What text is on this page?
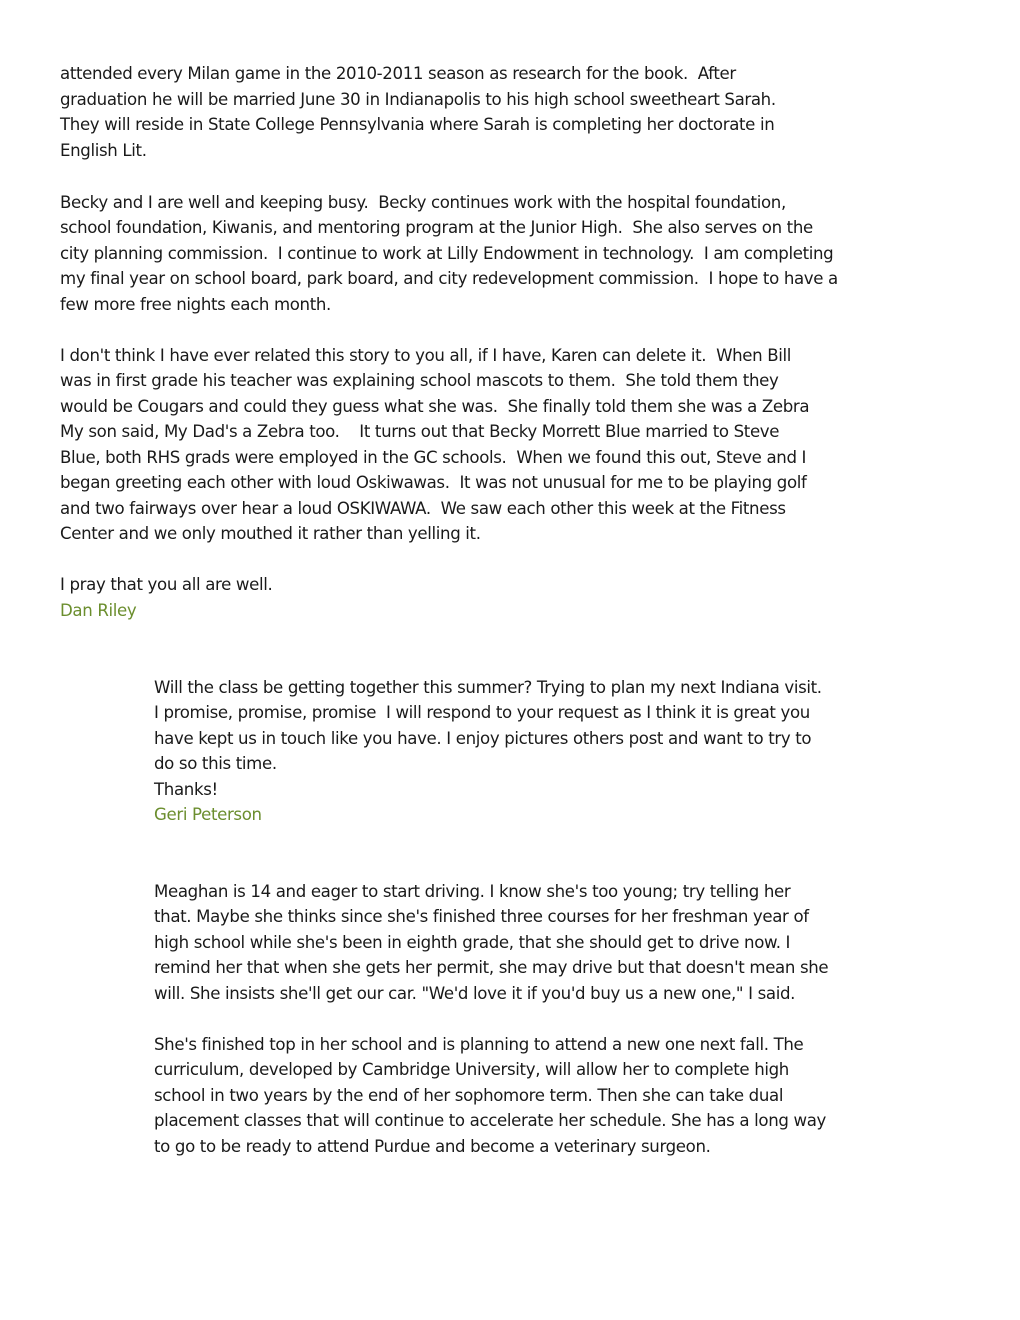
attended every Milan game in the 2010-2011 season as research for the book.  After
graduation he will be married June 30 in Indianapolis to his high school sweetheart Sarah.
They will reside in State College Pennsylvania where Sarah is completing her doctorate in
English Lit.
Becky and I are well and keeping busy.  Becky continues work with the hospital foundation,
school foundation, Kiwanis, and mentoring program at the Junior High.  She also serves on the
city planning commission.  I continue to work at Lilly Endowment in technology.  I am completing
my final year on school board, park board, and city redevelopment commission.  I hope to have a
few more free nights each month.
I don't think I have ever related this story to you all, if I have, Karen can delete it.  When Bill
was in first grade his teacher was explaining school mascots to them.  She told them they
would be Cougars and could they guess what she was.  She finally told them she was a Zebra
My son said, My Dad's a Zebra too.    It turns out that Becky Morrett Blue married to Steve
Blue, both RHS grads were employed in the GC schools.  When we found this out, Steve and I
began greeting each other with loud Oskiwawas.  It was not unusual for me to be playing golf
and two fairways over hear a loud OSKIWAWA.  We saw each other this week at the Fitness
Center and we only mouthed it rather than yelling it.
I pray that you all are well.
Dan Riley
Will the class be getting together this summer? Trying to plan my next Indiana visit.
I promise, promise, promise  I will respond to your request as I think it is great you
have kept us in touch like you have. I enjoy pictures others post and want to try to
do so this time.
Thanks!
Geri Peterson
Meaghan is 14 and eager to start driving. I know she's too young; try telling her
that. Maybe she thinks since she's finished three courses for her freshman year of
high school while she's been in eighth grade, that she should get to drive now. I
remind her that when she gets her permit, she may drive but that doesn't mean she
will. She insists she'll get our car. "We'd love it if you'd buy us a new one," I said.
She's finished top in her school and is planning to attend a new one next fall. The
curriculum, developed by Cambridge University, will allow her to complete high
school in two years by the end of her sophomore term. Then she can take dual
placement classes that will continue to accelerate her schedule. She has a long way
to go to be ready to attend Purdue and become a veterinary surgeon.
